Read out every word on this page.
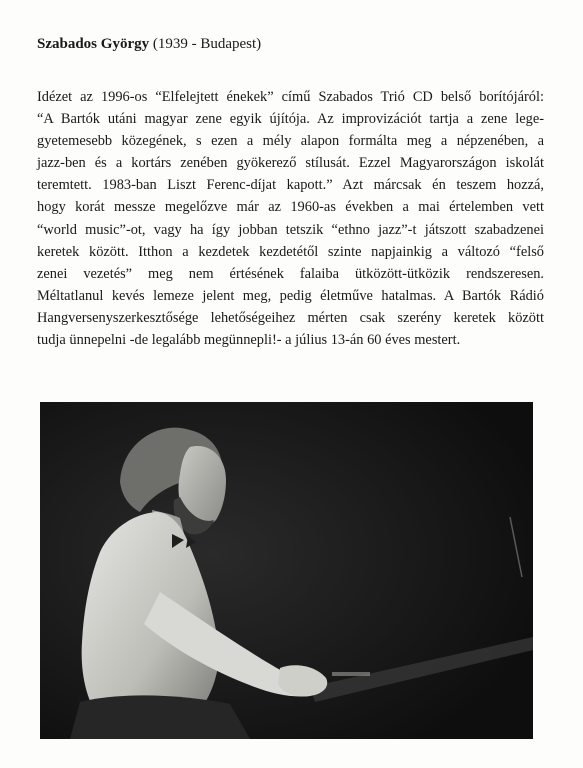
Szabados György (1939 - Budapest)
Idézet az 1996-os “Elfelejtett énekek” című Szabados Trió CD belső borítójáról:
“A Bartók utáni magyar zene egyik újítója. Az improvizációt tartja a zene lege-
gyetemesebb közegének, s ezen a mély alapon formálta meg a népzenében, a
jazz-ben és a kortárs zenében gyökerező stílusát. Ezzel Magyarországon iskolát
teremtett. 1983-ban Liszt Ferenc-díjat kapott.” Azt márcsak én teszem hozzá,
hogy korát messze megelőzve már az 1960-as években a mai értelemben vett
“world music”-ot, vagy ha így jobban tetszik “ethno jazz”-t játszott szabadzenei
keretek között. Itthon a kezdetek kezdetétől szinte napjainkig a változó “felső
zenei vezetés” meg nem értésének falaiba ütközött-ütközik rendszeresen.
Méltatlanul kevés lemeze jelent meg, pedig életműve hatalmas. A Bartók Rádió
Hangversenyszerkesztősége lehetőségeihez mérten csak szerény keretek között
tudja ünnepelni -de legalább megünnepli!- a július 13-án 60 éves mestert.
